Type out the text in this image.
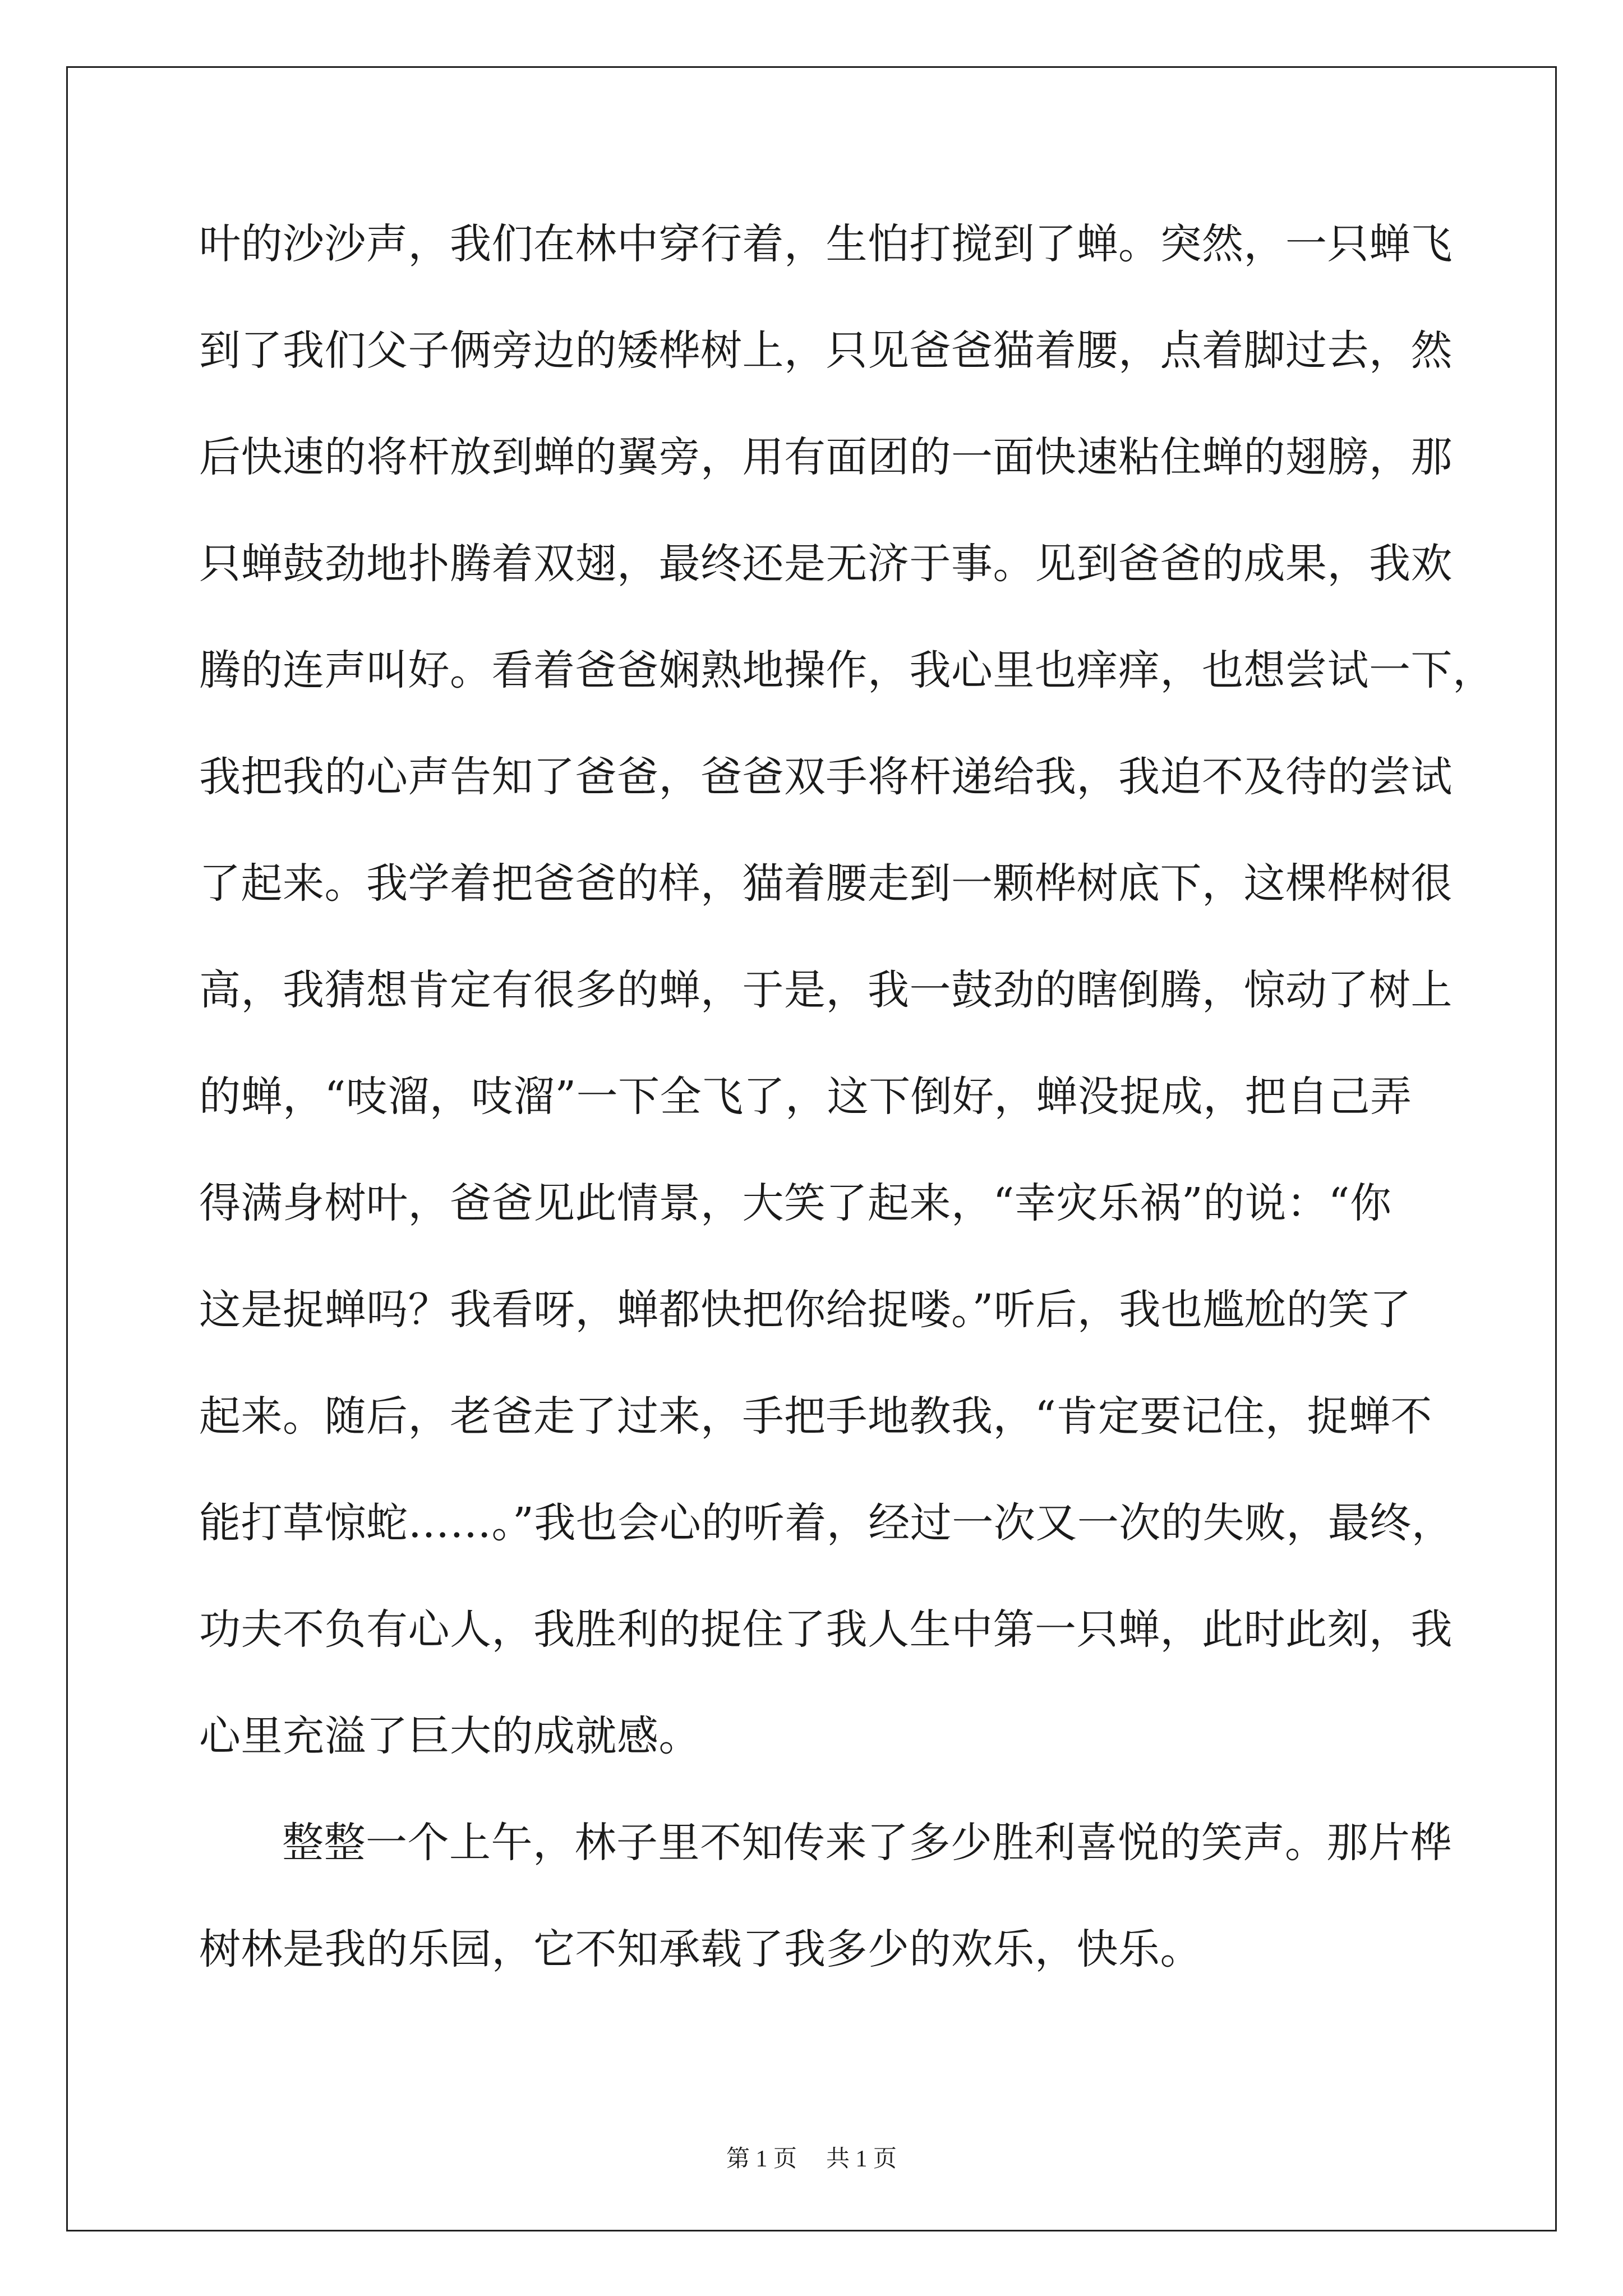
叶的沙沙声，我们在林中穿行着，生怕打搅到了蝉。突然，一只蝉飞
到了我们父子俩旁边的矮桦树上，只见爸爸猫着腰，点着脚过去，然
后快速的将杆放到蝉的翼旁，用有面团的一面快速粘住蝉的翅膀，那
只蝉鼓劲地扑腾着双翅，最终还是无济于事。见到爸爸的成果，我欢
腾的连声叫好。看着爸爸娴熟地操作，我心里也痒痒，也想尝试一下，
我把我的心声告知了爸爸，爸爸双手将杆递给我，我迫不及待的尝试
了起来。我学着把爸爸的样，猫着腰走到一颗桦树底下，这棵桦树很
高，我猜想肯定有很多的蝉，于是，我一鼓劲的瞎倒腾，惊动了树上
的蝉，“吱溜，吱溜”一下全飞了，这下倒好，蝉没捉成，把自己弄
得满身树叶，爸爸见此情景，大笑了起来，“幸灾乐祸”的说：“你
这是捉蝉吗？我看呀，蝉都快把你给捉喽。”听后，我也尴尬的笑了
起来。随后，老爸走了过来，手把手地教我，“肯定要记住，捉蝉不
能打草惊蛇……。”我也会心的听着，经过一次又一次的失败，最终，
功夫不负有心人，我胜利的捉住了我人生中第一只蝉，此时此刻，我
心里充溢了巨大的成就感。
整整一个上午，林子里不知传来了多少胜利喜悦的笑声。那片桦
树林是我的乐园，它不知承载了我多少的欢乐，快乐。
第 1 页 共 1 页
